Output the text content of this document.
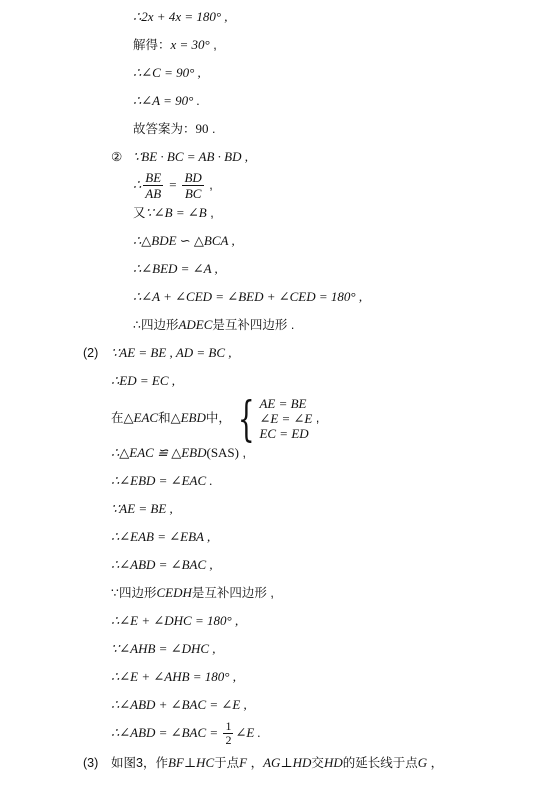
∴2x + 4x = 180° ,
解得：x = 30° ,
∴∠C = 90° ,
∴∠A = 90° .
故答案为：90 .
② ∵BE · BC = AB · BD ,
∴ $\frac{BE}{AB} = \frac{BD}{BC}$ ,
又∵∠B = ∠B ,
∴△BDE ∽ △BCA ,
∴∠BED = ∠A ,
∴∠A + ∠CED = ∠BED + ∠CED = 180° ,
∴四边形ADEC是互补四边形 .
(2) ∵AE = BE , AD = BC ,
∴ED = EC ,
在△EAC和△EBD中， { AE = BE
∠E = ∠E
EC = ED
,
∴△EAC ≌ △EBD(SAS) ,
∴∠EBD = ∠EAC .
∵AE = BE ,
∴∠EAB = ∠EBA ,
∴∠ABD = ∠BAC ,
∵四边形CEDH是互补四边形 ,
∴∠E + ∠DHC = 180° ,
∵∠AHB = ∠DHC ,
∴∠E + ∠AHB = 180° ,
∴∠ABD + ∠BAC = ∠E ,
∴∠ABD = ∠BAC = $\frac{1}{2}$ ∠E .
(3) 如图3，作BF⊥HC于点F ，AG⊥HD交HD的延长线于点G ，
